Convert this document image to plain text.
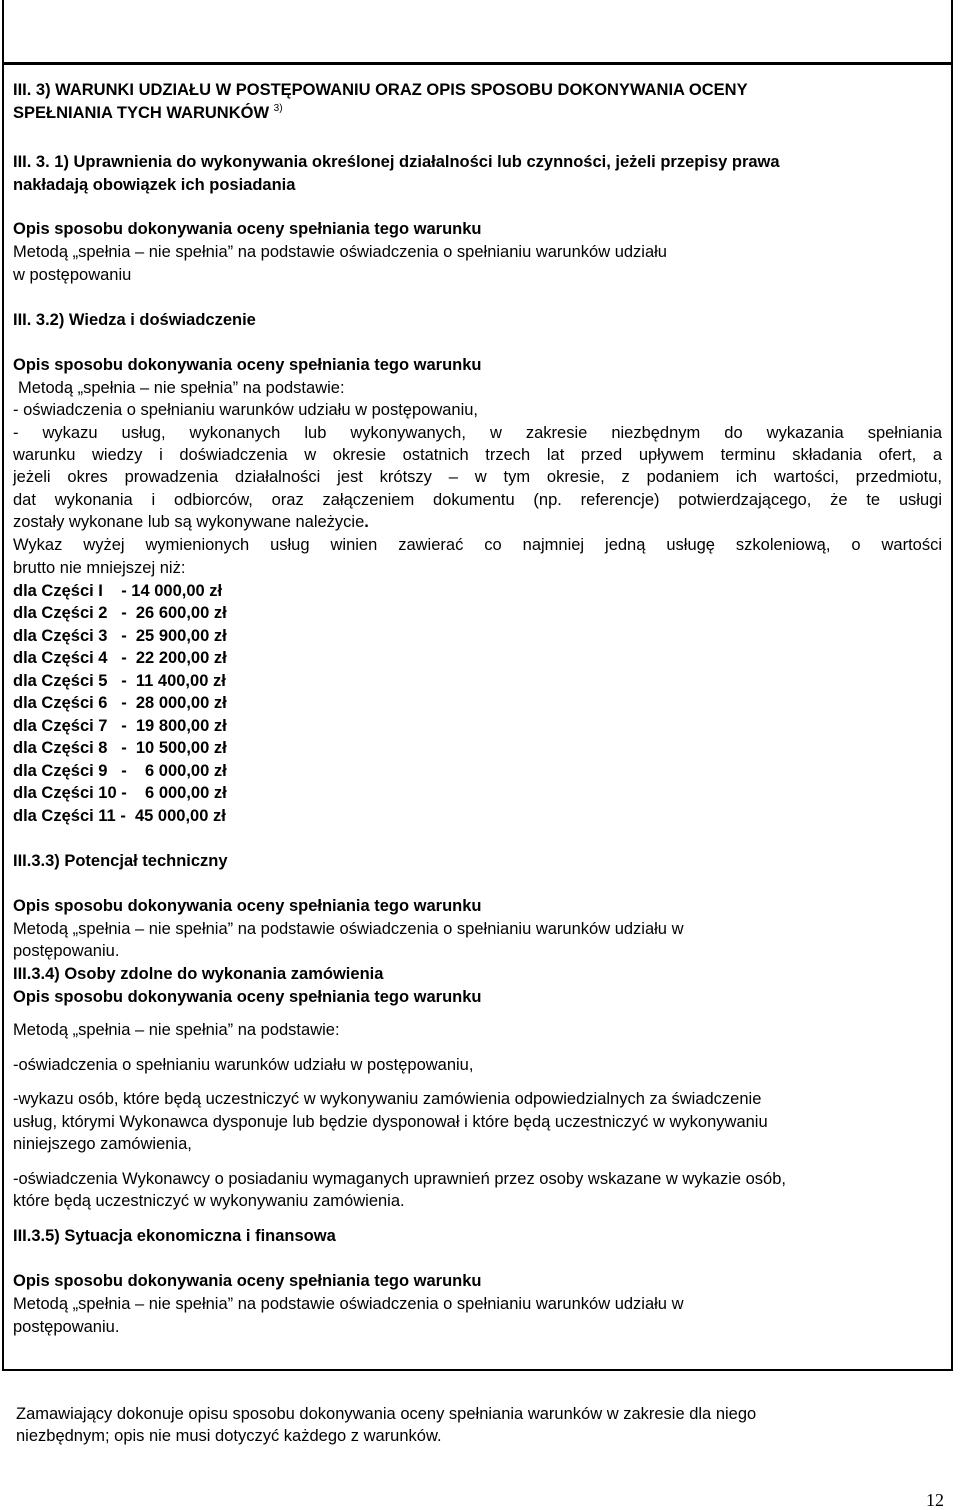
III. 3) WARUNKI UDZIAŁU W POSTĘPOWANIU ORAZ OPIS SPOSOBU DOKONYWANIA OCENY
SPEŁNIANIA TYCH WARUNKÓW $^{3)}$
III. 3. 1) Uprawnienia do wykonywania określonej działalności lub czynności, jeżeli przepisy prawa
nakładają obowiązek ich posiadania
Opis sposobu dokonywania oceny spełniania tego warunku
Metodą „spełnia – nie spełnia” na podstawie oświadczenia o spełnianiu warunków udziału
w postępowaniu
III. 3.2) Wiedza i doświadczenie
Opis sposobu dokonywania oceny spełniania tego warunku
Metodą „spełnia – nie spełnia” na podstawie:
- oświadczenia o spełnianiu warunków udziału w postępowaniu,
- wykazu usług, wykonanych lub wykonywanych, w zakresie niezbędnym do wykazania spełniania
warunku wiedzy i doświadczenia w okresie ostatnich trzech lat przed upływem terminu składania ofert, a
jeżeli okres prowadzenia działalności jest krótszy – w tym okresie, z podaniem ich wartości, przedmiotu,
dat wykonania i odbiorców, oraz załączeniem dokumentu (np. referencje) potwierdzającego, że te usługi
zostały wykonane lub są wykonywane należycie.
Wykaz wyżej wymienionych usług winien zawierać co najmniej jedną usługę szkoleniową, o wartości
brutto nie mniejszej niż:
dla Części I    - 14 000,00 zł
dla Części 2   -  26 600,00 zł
dla Części 3   -  25 900,00 zł
dla Części 4   -  22 200,00 zł
dla Części 5   -  11 400,00 zł
dla Części 6   -  28 000,00 zł
dla Części 7   -  19 800,00 zł
dla Części 8   -  10 500,00 zł
dla Części 9   -    6 000,00 zł
dla Części 10 -    6 000,00 zł
dla Części 11 -  45 000,00 zł
III.3.3) Potencjał techniczny
Opis sposobu dokonywania oceny spełniania tego warunku
Metodą „spełnia – nie spełnia” na podstawie oświadczenia o spełnianiu warunków udziału w
postępowaniu.
III.3.4) Osoby zdolne do wykonania zamówienia
Opis sposobu dokonywania oceny spełniania tego warunku
Metodą „spełnia – nie spełnia” na podstawie:
-oświadczenia o spełnianiu warunków udziału w postępowaniu,
-wykazu osób, które będą uczestniczyć w wykonywaniu zamówienia odpowiedzialnych za świadczenie
usług, którymi Wykonawca dysponuje lub będzie dysponował i które będą uczestniczyć w wykonywaniu
niniejszego zamówienia,
-oświadczenia Wykonawcy o posiadaniu wymaganych uprawnień przez osoby wskazane w wykazie osób,
które będą uczestniczyć w wykonywaniu zamówienia.
III.3.5) Sytuacja ekonomiczna i finansowa
Opis sposobu dokonywania oceny spełniania tego warunku
Metodą „spełnia – nie spełnia” na podstawie oświadczenia o spełnianiu warunków udziału w
postępowaniu.
Zamawiający dokonuje opisu sposobu dokonywania oceny spełniania warunków w zakresie dla niego
niezbędnym; opis nie musi dotyczyć każdego z warunków.
12
